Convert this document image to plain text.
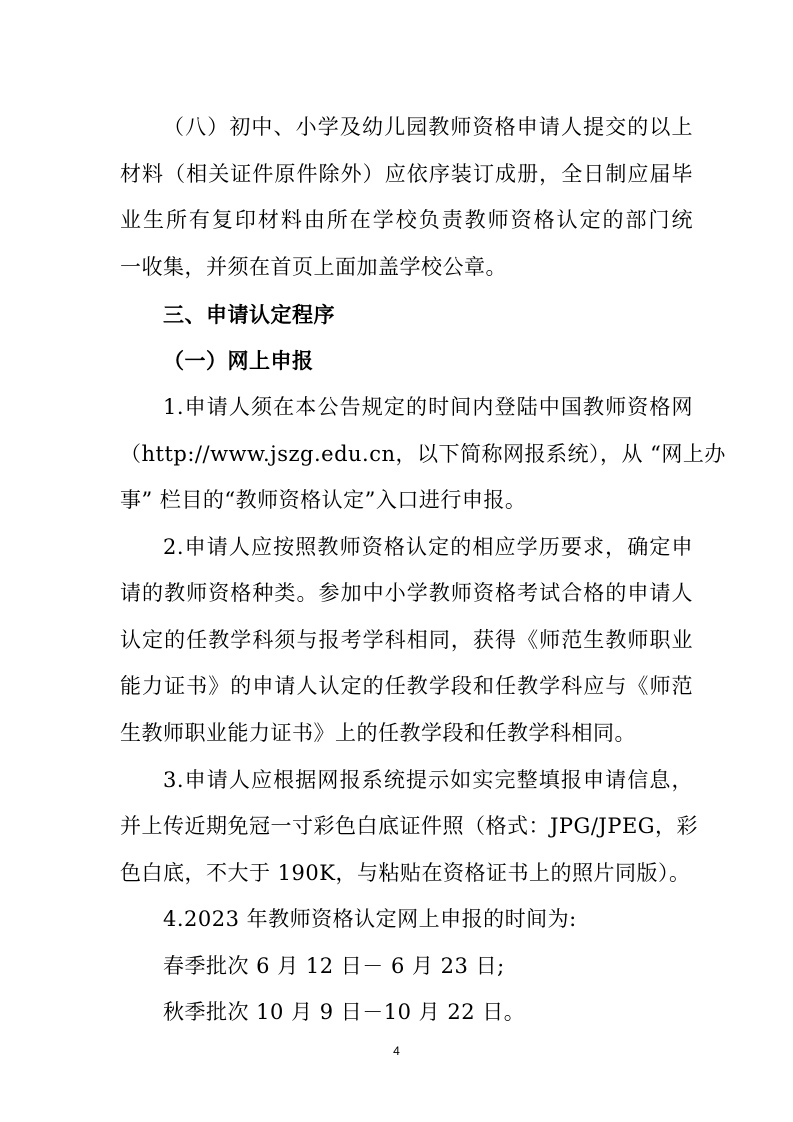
（八）初中、小学及幼儿园教师资格申请人提交的以上
材料（相关证件原件除外）应依序装订成册，全日制应届毕
业生所有复印材料由所在学校负责教师资格认定的部门统
一收集，并须在首页上面加盖学校公章。
三、申请认定程序
（一）网上申报
1.申请人须在本公告规定的时间内登陆中国教师资格网
（http://www.jszg.edu.cn，以下简称网报系统），从 “网上办
事” 栏目的“教师资格认定”入口进行申报。
2.申请人应按照教师资格认定的相应学历要求，确定申
请的教师资格种类。参加中小学教师资格考试合格的申请人
认定的任教学科须与报考学科相同，获得《师范生教师职业
能力证书》的申请人认定的任教学段和任教学科应与《师范
生教师职业能力证书》上的任教学段和任教学科相同。
3.申请人应根据网报系统提示如实完整填报申请信息，
并上传近期免冠一寸彩色白底证件照（格式：JPG/JPEG，彩
色白底，不大于 190K，与粘贴在资格证书上的照片同版）。
4.2023 年教师资格认定网上申报的时间为:
春季批次 6 月 12 日－ 6 月 23 日;
秋季批次 10 月 9 日－10 月 22 日。
4
